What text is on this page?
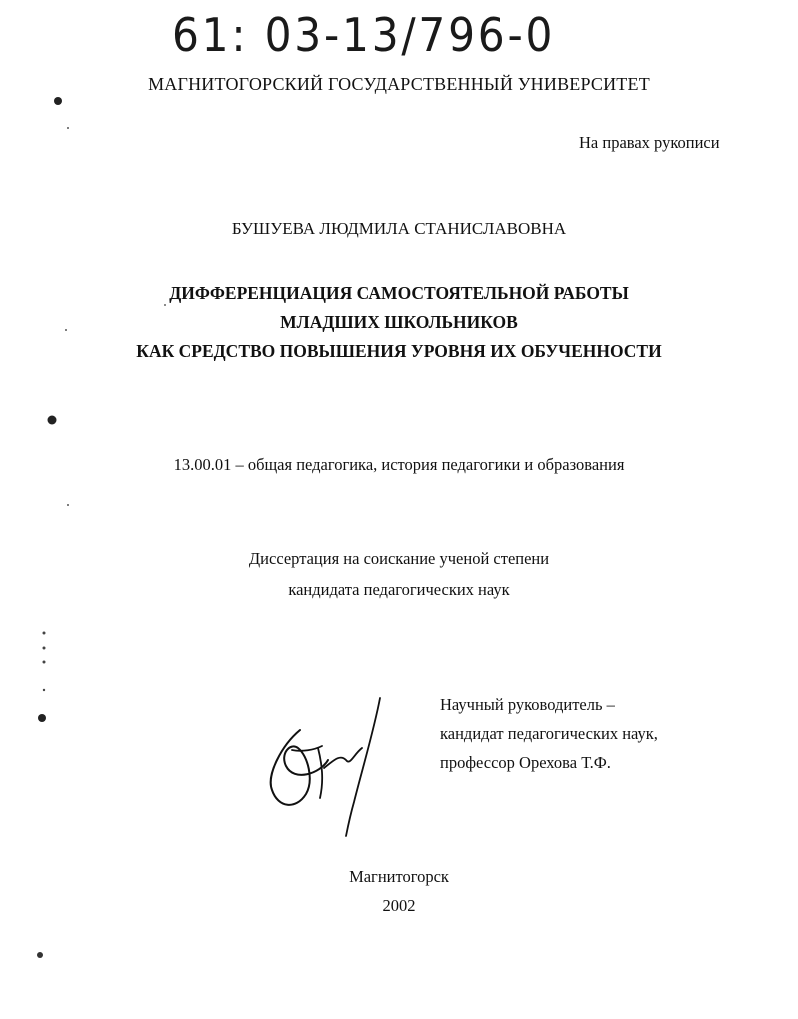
61: 03-13/796-0
МАГНИТОГОРСКИЙ ГОСУДАРСТВЕННЫЙ УНИВЕРСИТЕТ
На правах рукописи
БУШУЕВА ЛЮДМИЛА СТАНИСЛАВОВНА
ДИФФЕРЕНЦИАЦИЯ САМОСТОЯТЕЛЬНОЙ РАБОТЫ
МЛАДШИХ ШКОЛЬНИКОВ
КАК СРЕДСТВО ПОВЫШЕНИЯ УРОВНЯ ИХ ОБУЧЕННОСТИ
13.00.01 – общая педагогика, история педагогики и образования
Диссертация на соискание ученой степени
кандидата педагогических наук
Научный руководитель –
кандидат педагогических наук,
профессор Орехова Т.Ф.
Магнитогорск
2002
